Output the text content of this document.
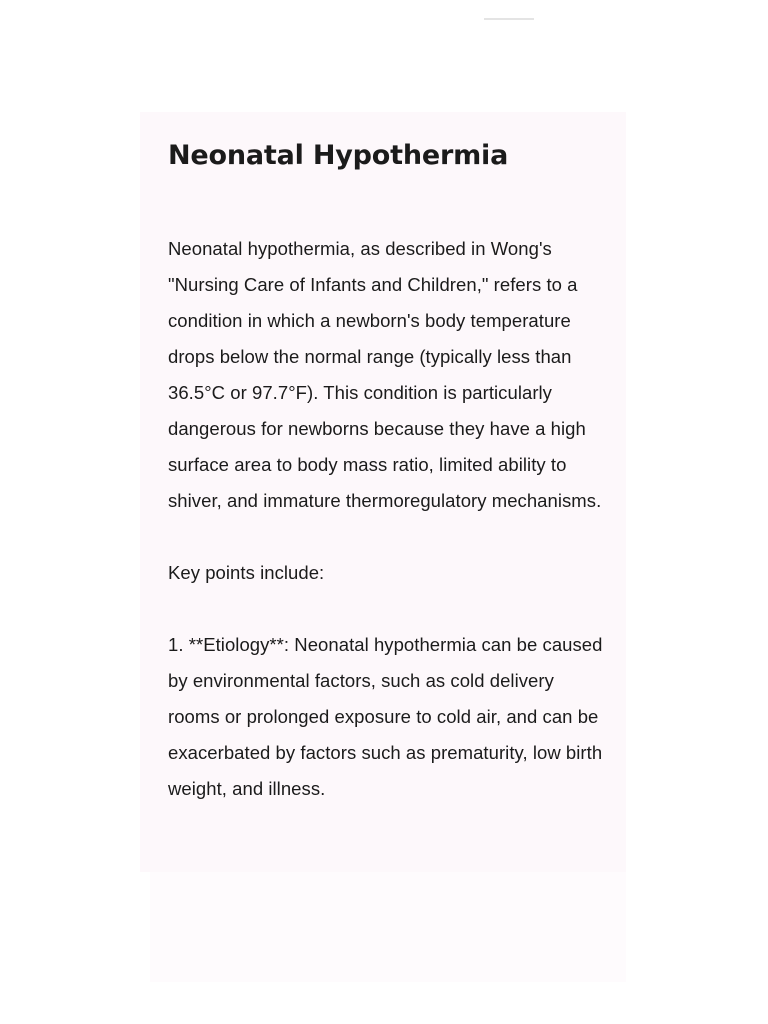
Neonatal Hypothermia

Neonatal hypothermia, as described in Wong's "Nursing Care of Infants and Children," refers to a condition in which a newborn's body temperature drops below the normal range (typically less than 36.5°C or 97.7°F). This condition is particularly dangerous for newborns because they have a high surface area to body mass ratio, limited ability to shiver, and immature thermoregulatory mechanisms.

Key points include:

1. **Etiology**: Neonatal hypothermia can be caused by environmental factors, such as cold delivery rooms or prolonged exposure to cold air, and can be exacerbated by factors such as prematurity, low birth weight, and illness.
